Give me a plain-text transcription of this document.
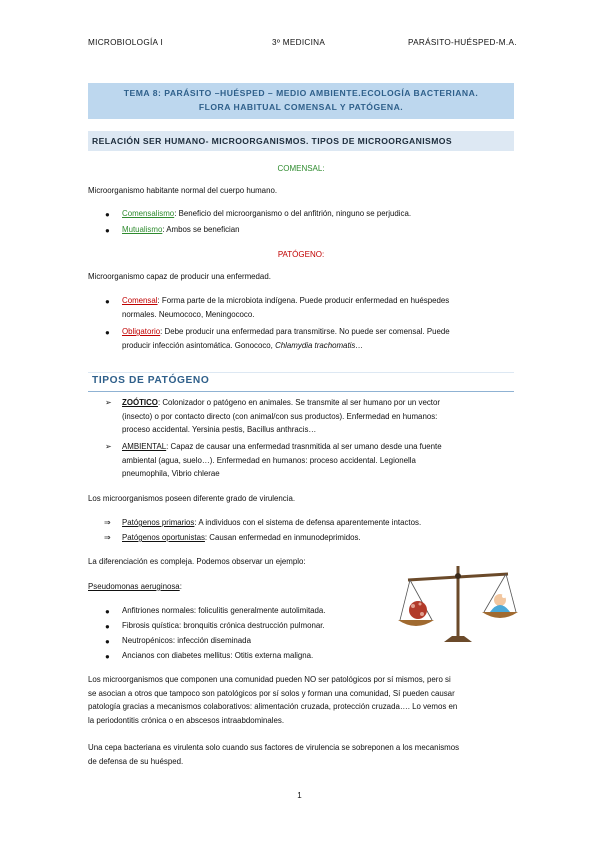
MICROBIOLOGÍA I	3º MEDICINA	PARÁSITO-HUÉSPED-M.A.
TEMA 8: PARÁSITO –HUÉSPED – MEDIO AMBIENTE.ECOLOGÍA BACTERIANA.
FLORA HABITUAL COMENSAL Y PATÓGENA.
RELACIÓN SER HUMANO- MICROORGANISMOS. TIPOS DE MICROORGANISMOS
COMENSAL:
Microorganismo habitante normal del cuerpo humano.
● Comensalismo: Beneficio del microorganismo o del anfitrión, ninguno se perjudica.
● Mutualismo: Ambos se benefician
PATÓGENO:
Microorganismo capaz de producir una enfermedad.
● Comensal: Forma parte de la microbiota indígena. Puede producir enfermedad en huéspedes
normales. Neumococo, Meningococo.
● Obligatorio: Debe producir una enfermedad para transmitirse. No puede ser comensal. Puede
producir infección asintomática. Gonococo, Chlamydia trachomatis…
TIPOS DE PATÓGENO
➢ ZOÓTICO: Colonizador o patógeno en animales. Se transmite al ser humano por un vector
(insecto) o por contacto directo (con animal/con sus productos). Enfermedad en humanos:
proceso accidental. Yersinia pestis, Bacillus anthracis…
➢ AMBIENTAL: Capaz de causar una enfermedad trasnmitida al ser umano desde una fuente
ambiental (agua, suelo…). Enfermedad en humanos: proceso accidental. Legionella
pneumophila, Vibrio chlerae
Los microorganismos poseen diferente grado de virulencia.
⇒ Patógenos primarios: A individuos con el sistema de defensa aparentemente intactos.
⇒ Patógenos oportunistas: Causan enfermedad en inmunodeprimidos.
La diferenciación es compleja. Podemos observar un ejemplo:
Pseudomonas aeruginosa:
● Anfitriones normales: foliculitis generalmente autolimitada.
● Fibrosis quística: bronquitis crónica destrucción pulmonar.
● Neutropénicos: infección diseminada
● Ancianos con diabetes mellitus: Otitis externa maligna.
Los microorganismos que componen una comunidad pueden NO ser patológicos por sí mismos, pero si
se asocian a otros que tampoco son patológicos por sí solos y forman una comunidad, Sí pueden causar
patología gracias a mecanismos colaborativos: alimentación cruzada, protección cruzada…. Lo vemos en
la periodontitis crónica o en abscesos intraabdominales.
Una cepa bacteriana es virulenta solo cuando sus factores de virulencia se sobreponen a los mecanismos
de defensa de su huésped.
1
